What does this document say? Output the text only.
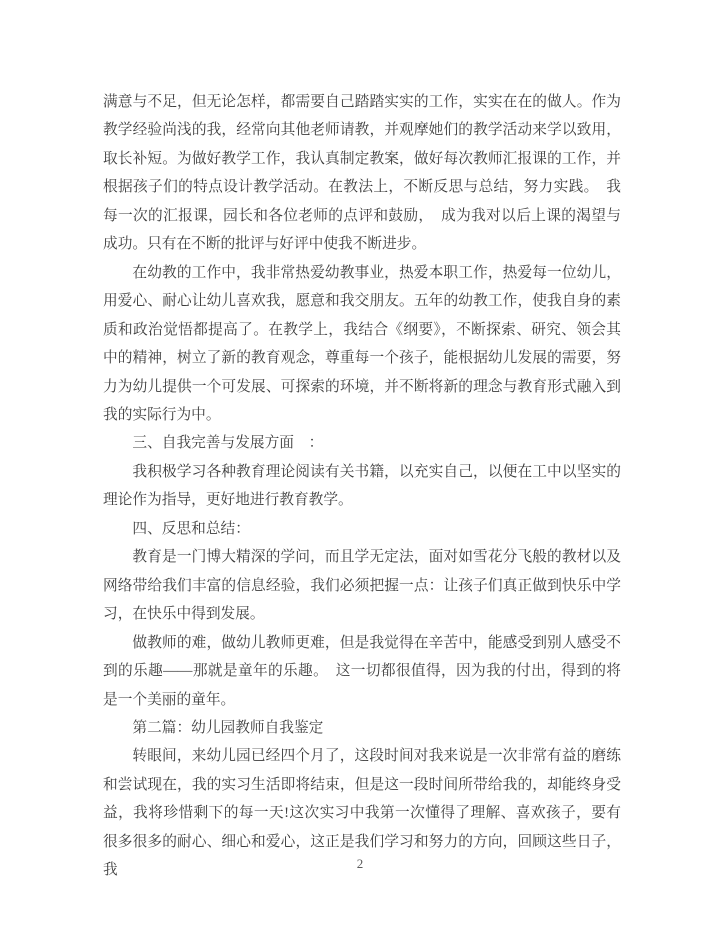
满意与不足，但无论怎样，都需要自己踏踏实实的工作，实实在在的做人。作为教学经验尚浅的我，经常向其他老师请教，并观摩她们的教学活动来学以致用，取长补短。为做好教学工作，我认真制定教案，做好每次教师汇报课的工作，并根据孩子们的特点设计教学活动。在教法上，不断反思与总结，努力实践。　我每一次的汇报课，园长和各位老师的点评和鼓励，　成为我对以后上课的渴望与成功。只有在不断的批评与好评中使我不断进步。

在幼教的工作中，我非常热爱幼教事业，热爱本职工作，热爱每一位幼儿，用爱心、耐心让幼儿喜欢我，愿意和我交朋友。五年的幼教工作，使我自身的素质和政治觉悟都提高了。在教学上，我结合《纲要》，不断探索、研究、领会其中的精神，树立了新的教育观念，尊重每一个孩子，能根据幼儿发展的需要，努力为幼儿提供一个可发展、可探索的环境，并不断将新的理念与教育形式融入到我的实际行为中。

三、自我完善与发展方面　：

我积极学习各种教育理论阅读有关书籍，以充实自己，以便在工中以坚实的理论作为指导，更好地进行教育教学。

四、反思和总结：

教育是一门博大精深的学问，而且学无定法，面对如雪花分飞般的教材以及网络带给我们丰富的信息经验，我们必须把握一点：让孩子们真正做到快乐中学习，在快乐中得到发展。

做教师的难，做幼儿教师更难，但是我觉得在辛苦中，能感受到别人感受不到的乐趣——那就是童年的乐趣。　这一切都很值得，因为我的付出，得到的将是一个美丽的童年。

第二篇：幼儿园教师自我鉴定

转眼间，来幼儿园已经四个月了，这段时间对我来说是一次非常有益的磨练和尝试现在，我的实习生活即将结束，但是这一段时间所带给我的，却能终身受益，我将珍惜剩下的每一天!这次实习中我第一次懂得了理解、喜欢孩子，要有很多很多的耐心、细心和爱心，这正是我们学习和努力的方向，回顾这些日子，我	2
